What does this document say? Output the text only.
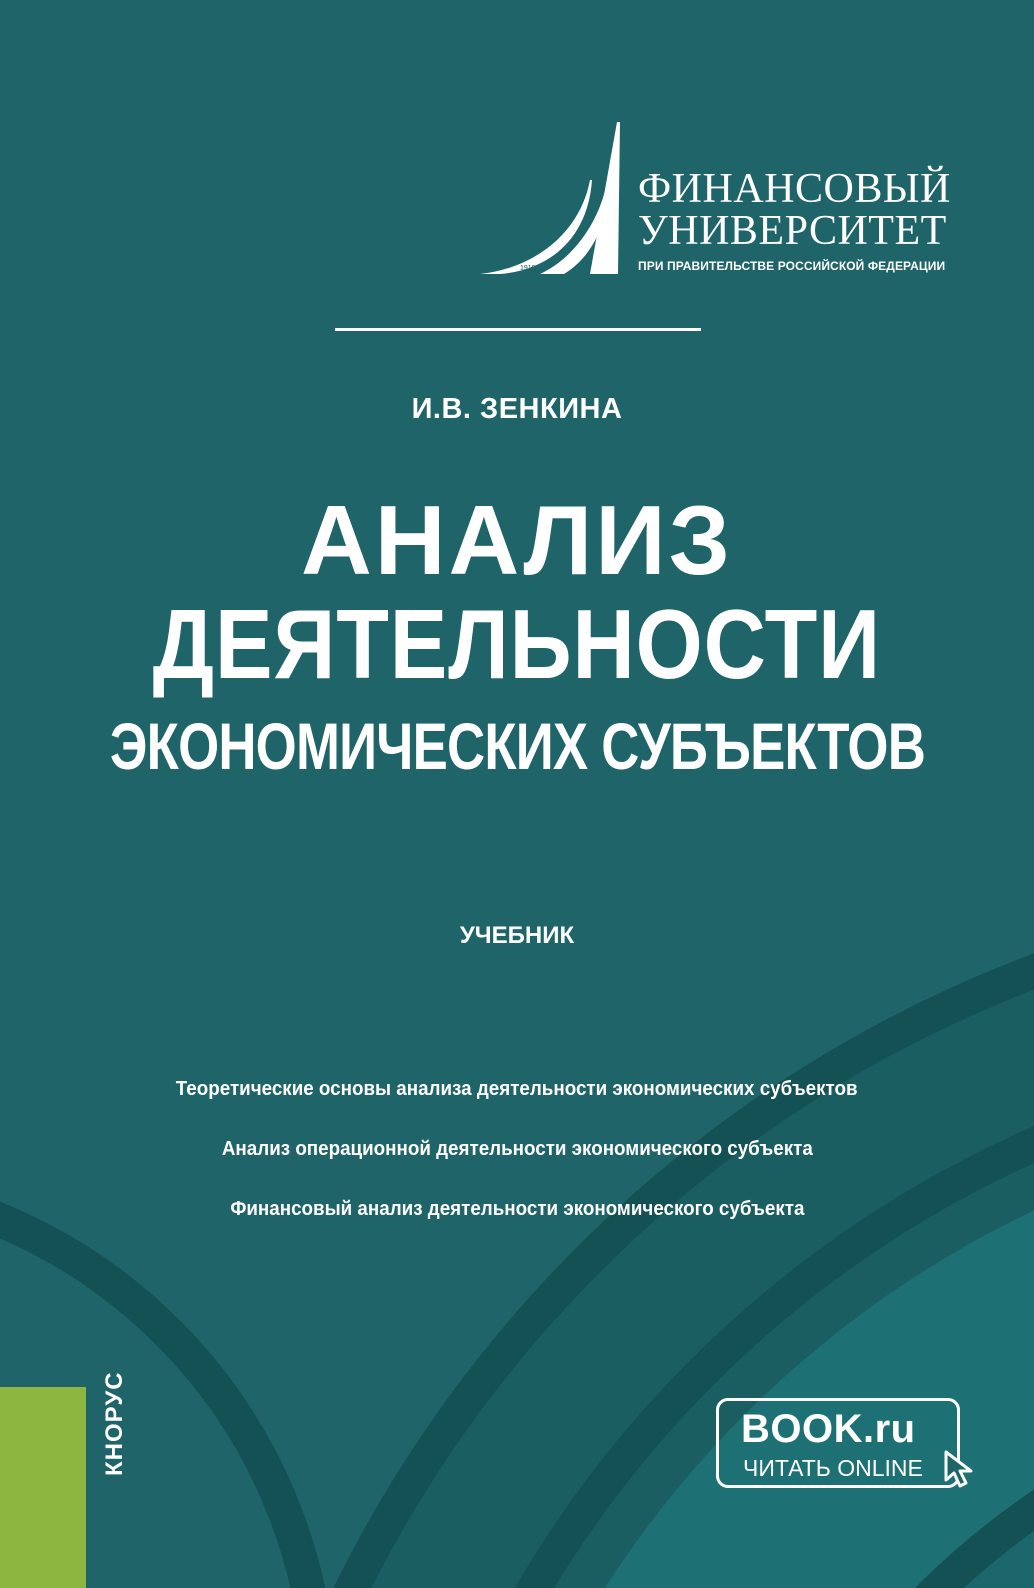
1919
ФИНАНСОВЫЙ
УНИВЕРСИТЕТ
ПРИ ПРАВИТЕЛЬСТВЕ РОССИЙСКОЙ ФЕДЕРАЦИИ
И.В. ЗЕНКИНА
АНАЛИЗ
ДЕЯТЕЛЬНОСТИ
ЭКОНОМИЧЕСКИХ СУБЪЕКТОВ
УЧЕБНИК
Теоретические основы анализа деятельности экономических субъектов
Анализ операционной деятельности экономического субъекта
Финансовый анализ деятельности экономического субъекта
КНОРУС	BOOK.ru
ЧИТАТЬ ONLINE
